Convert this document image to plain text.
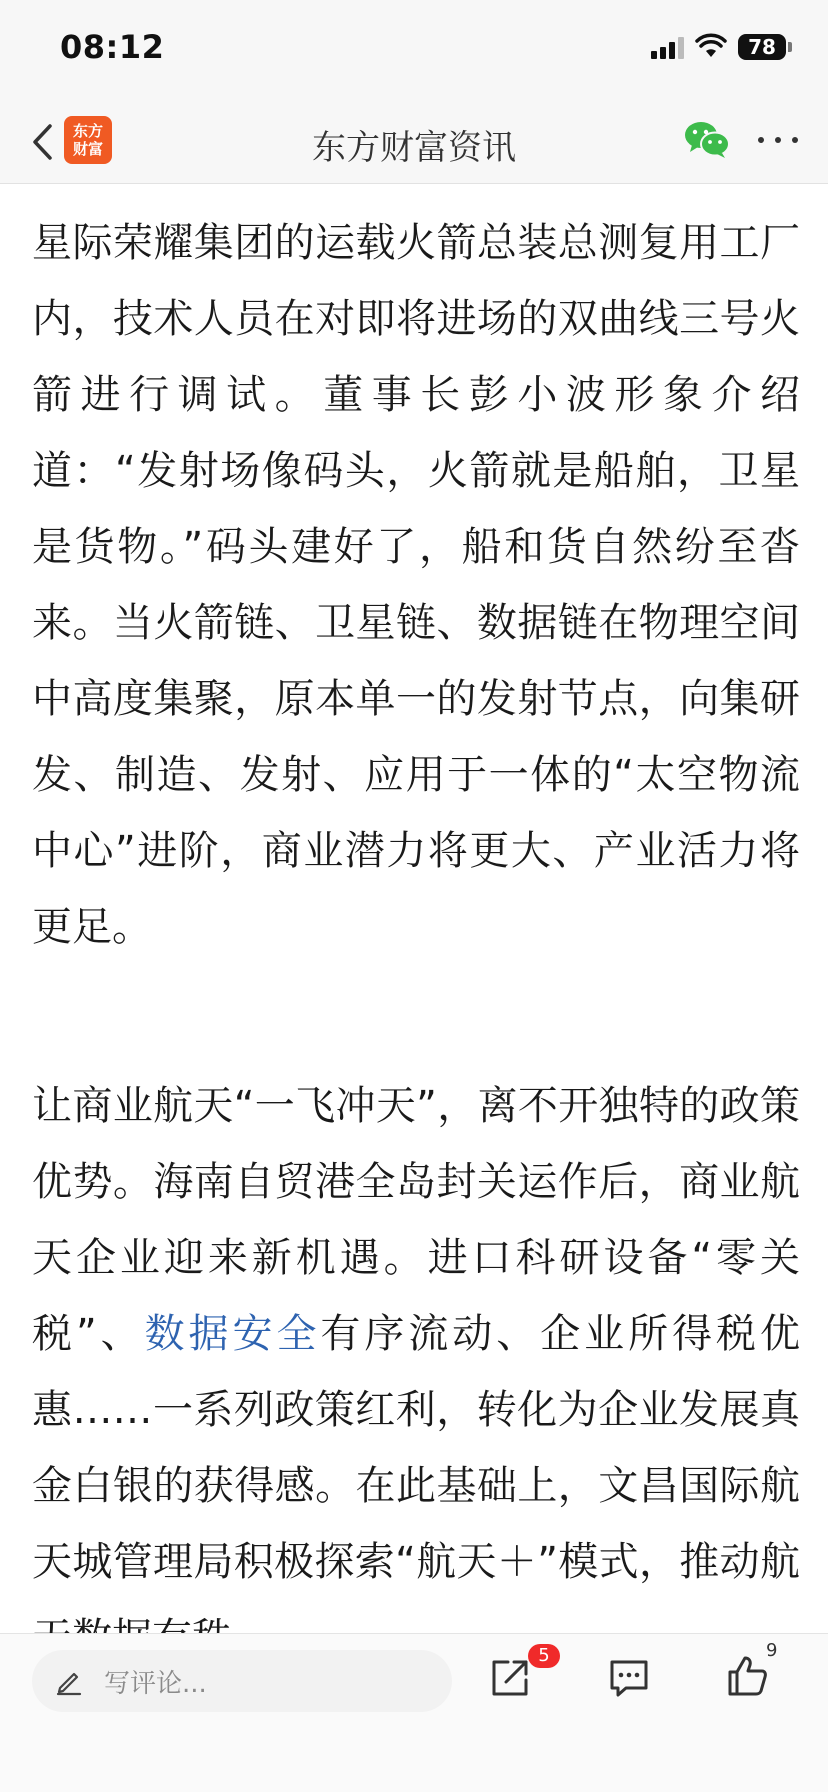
08:12	78
东方财富资讯
东方
财富

星际荣耀集团的运载火箭总装总测复用工厂内，技术人员在对即将进场的双曲线三号火箭进行调试。董事长彭小波形象介绍道：“发射场像码头，火箭就是船舶，卫星是货物。”码头建好了，船和货自然纷至沓来。当火箭链、卫星链、数据链在物理空间中高度集聚，原本单一的发射节点，向集研发、制造、发射、应用于一体的“太空物流中心”进阶，商业潜力将更大、产业活力将更足。

让商业航天“一飞冲天”，离不开独特的政策优势。海南自贸港全岛封关运作后，商业航天企业迎来新机遇。进口科研设备“零关税”、数据安全有序流动、企业所得税优惠……一系列政策红利，转化为企业发展真金白银的获得感。在此基础上，文昌国际航天城管理局积极探索“航天＋”模式，推动航

写评论...
5	9
